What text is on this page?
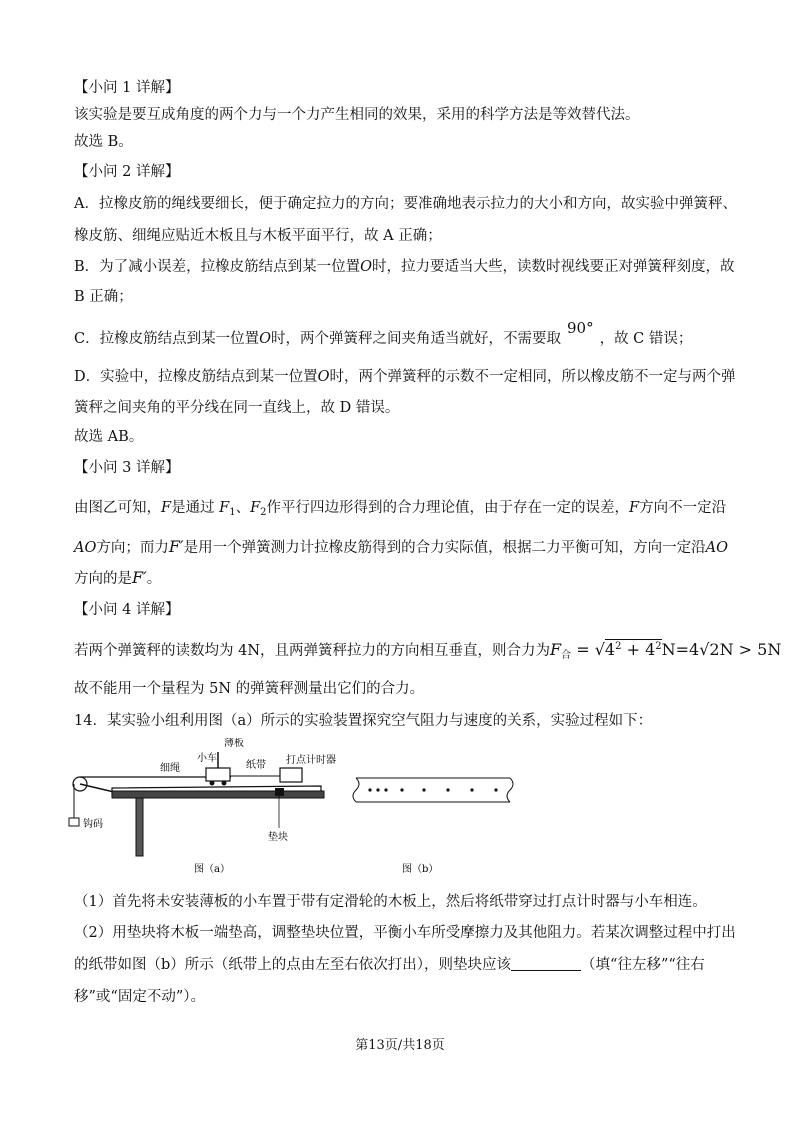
【小问 1 详解】
该实验是要互成角度的两个力与一个力产生相同的效果，采用的科学方法是等效替代法。
故选 B。
【小问 2 详解】
A．拉橡皮筋的绳线要细长，便于确定拉力的方向；要准确地表示拉力的大小和方向，故实验中弹簧秤、
橡皮筋、细绳应贴近木板且与木板平面平行，故 A 正确；
B．为了减小误差，拉橡皮筋结点到某一位置O时，拉力要适当大些，读数时视线要正对弹簧秤刻度，故
B 正确；
C．拉橡皮筋结点到某一位置O时，两个弹簧秤之间夹角适当就好，不需要取90°，故 C 错误；
D．实验中，拉橡皮筋结点到某一位置O时，两个弹簧秤的示数不一定相同，所以橡皮筋不一定与两个弹
簧秤之间夹角的平分线在同一直线上，故 D 错误。
故选 AB。
【小问 3 详解】
由图乙可知，F是通过 $F_1$、$F_2$作平行四边形得到的合力理论值，由于存在一定的误差，F方向不一定沿
AO方向；而力F′是用一个弹簧测力计拉橡皮筋得到的合力实际值，根据二力平衡可知，方向一定沿AO
方向的是F′。
【小问 4 详解】
若两个弹簧秤的读数均为 4N，且两弹簧秤拉力的方向相互垂直，则合力为$F_合 = √4^2 + 4^2N=4√2N > 5N$
故不能用一个量程为 5N 的弹簧秤测量出它们的合力。
14．某实验小组利用图（a）所示的实验装置探究空气阻力与速度的关系，实验过程如下：
钩码
薄板
小车
细绳	纸带 打点计时器
垫块
图（a）	图（b）
（1）首先将未安装薄板的小车置于带有定滑轮的木板上，然后将纸带穿过打点计时器与小车相连。
（2）用垫块将木板一端垫高，调整垫块位置，平衡小车所受摩擦力及其他阻力。若某次调整过程中打出
的纸带如图（b）所示（纸带上的点由左至右依次打出），则垫块应该	（填“往左移”“往右
移”或“固定不动”）。
第13页/共18页
